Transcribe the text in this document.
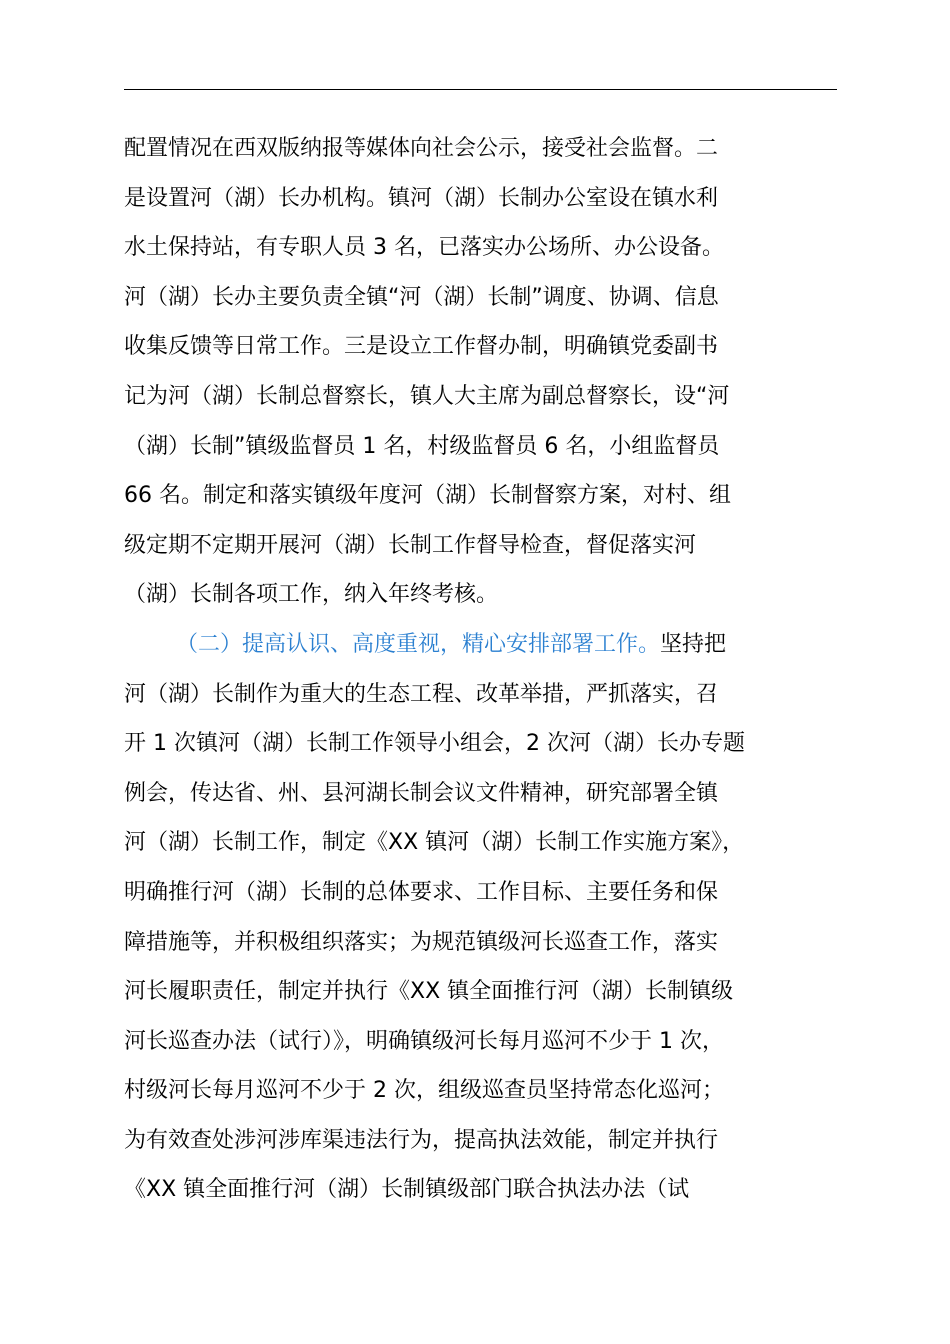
配置情况在西双版纳报等媒体向社会公示，接受社会监督。二
是设置河（湖）长办机构。镇河（湖）长制办公室设在镇水利
水土保持站，有专职人员 3 名，已落实办公场所、办公设备。
河（湖）长办主要负责全镇“河（湖）长制”调度、协调、信息
收集反馈等日常工作。三是设立工作督办制，明确镇党委副书
记为河（湖）长制总督察长，镇人大主席为副总督察长，设“河
（湖）长制”镇级监督员 1 名，村级监督员 6 名，小组监督员
66 名。制定和落实镇级年度河（湖）长制督察方案，对村、组
级定期不定期开展河（湖）长制工作督导检查，督促落实河
（湖）长制各项工作，纳入年终考核。
（二）提高认识、高度重视，精心安排部署工作。坚持把
河（湖）长制作为重大的生态工程、改革举措，严抓落实，召
开 1 次镇河（湖）长制工作领导小组会，2 次河（湖）长办专题
例会，传达省、州、县河湖长制会议文件精神，研究部署全镇
河（湖）长制工作，制定《XX 镇河（湖）长制工作实施方案》，
明确推行河（湖）长制的总体要求、工作目标、主要任务和保
障措施等，并积极组织落实；为规范镇级河长巡查工作，落实
河长履职责任，制定并执行《XX 镇全面推行河（湖）长制镇级
河长巡查办法（试行）》，明确镇级河长每月巡河不少于 1 次，
村级河长每月巡河不少于 2 次，组级巡查员坚持常态化巡河；
为有效查处涉河涉库渠违法行为，提高执法效能，制定并执行
《XX 镇全面推行河（湖）长制镇级部门联合执法办法（试
